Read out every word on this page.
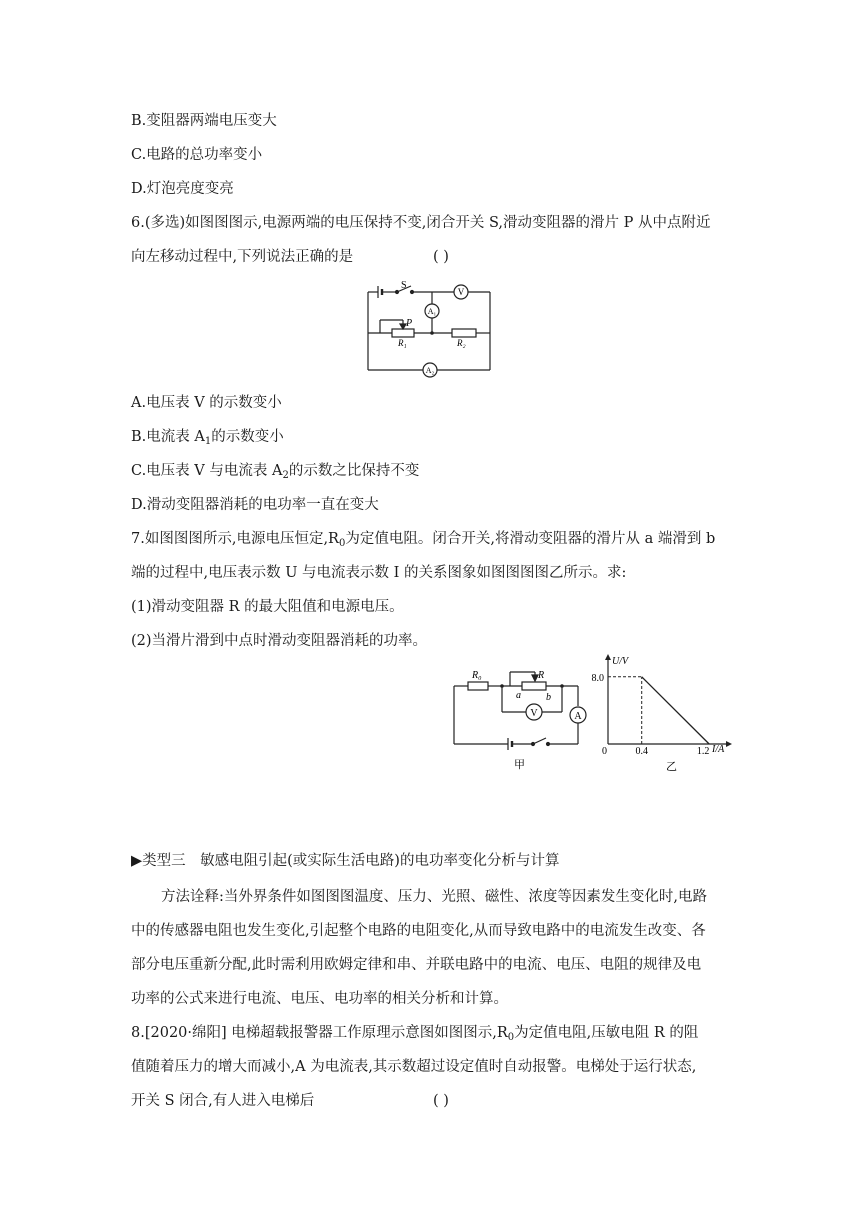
B.变阻器两端电压变大
C.电路的总功率变小
D.灯泡亮度变亮
6.(多选)如图图图示,电源两端的电压保持不变,闭合开关 S,滑动变阻器的滑片 P 从中点附近
向左移动过程中,下列说法正确的是	( )
S
V
A₁
P
R₁	R₂
A₂
A.电压表 V 的示数变小
B.电流表 $A_1$的示数变小
C.电压表 V 与电流表 $A_2$的示数之比保持不变
D.滑动变阻器消耗的电功率一直在变大
7.如图图图所示,电源电压恒定$,R_0$为定值电阻。闭合开关,将滑动变阻器的滑片从 a 端滑到 b
端的过程中,电压表示数 U 与电流表示数 I 的关系图象如图图图图乙所示。求:
(1)滑动变阻器 R 的最大阻值和电源电压。
(2)当滑片滑到中点时滑动变阻器消耗的功率。
R₀	R
a	b
V	A
甲
8.0
0.4	1.2
U/V
I/A
0
乙
▶类型三　敏感电阻引起(或实际生活电路)的电功率变化分析与计算
方法诠释:当外界条件如图图图温度、压力、光照、磁性、浓度等因素发生变化时,电路
中的传感器电阻也发生变化,引起整个电路的电阻变化,从而导致电路中的电流发生改变、各
部分电压重新分配,此时需利用欧姆定律和串、并联电路中的电流、电压、电阻的规律及电
功率的公式来进行电流、电压、电功率的相关分析和计算。
8.[2020·绵阳] 电梯超载报警器工作原理示意图如图图示$,R_0$为定值电阻,压敏电阻 R 的阻
值随着压力的增大而减小,A 为电流表,其示数超过设定值时自动报警。电梯处于运行状态,
开关 S 闭合,有人进入电梯后	( )
